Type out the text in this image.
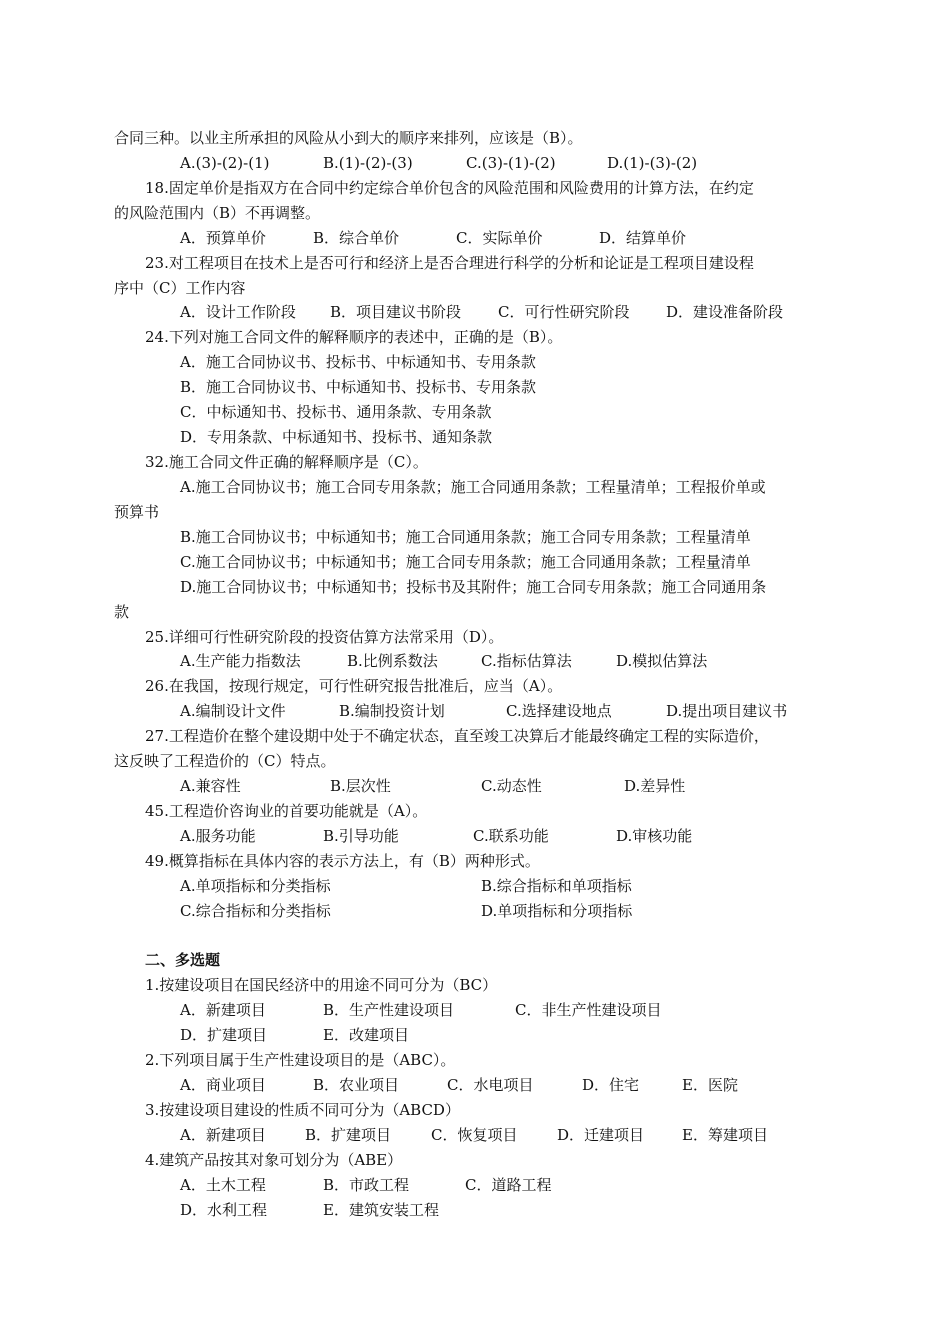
合同三种。以业主所承担的风险从小到大的顺序来排列，应该是（B）。
A.(3)-(2)-(1)	B.(1)-(2)-(3)	C.(3)-(1)-(2)	D.(1)-(3)-(2)
18.固定单价是指双方在合同中约定综合单价包含的风险范围和风险费用的计算方法，在约定
的风险范围内（B）不再调整。
A．预算单价	B．综合单价	C．实际单价	D．结算单价
23.对工程项目在技术上是否可行和经济上是否合理进行科学的分析和论证是工程项目建设程
序中（C）工作内容
A．设计工作阶段 B．项目建议书阶段 C．可行性研究阶段 D．建设准备阶段
24.下列对施工合同文件的解释顺序的表述中，正确的是（B）。
A．施工合同协议书、投标书、中标通知书、专用条款
B．施工合同协议书、中标通知书、投标书、专用条款
C．中标通知书、投标书、通用条款、专用条款
D．专用条款、中标通知书、投标书、通知条款
32.施工合同文件正确的解释顺序是（C）。
A.施工合同协议书；施工合同专用条款；施工合同通用条款；工程量清单；工程报价单或
预算书
B.施工合同协议书；中标通知书；施工合同通用条款；施工合同专用条款；工程量清单
C.施工合同协议书；中标通知书；施工合同专用条款；施工合同通用条款；工程量清单
D.施工合同协议书；中标通知书；投标书及其附件；施工合同专用条款；施工合同通用条
款
25.详细可行性研究阶段的投资估算方法常采用（D）。
A.生产能力指数法	B.比例系数法	C.指标估算法	D.模拟估算法
26.在我国，按现行规定，可行性研究报告批准后，应当（A）。
A.编制设计文件	B.编制投资计划	C.选择建设地点	D.提出项目建议书
27.工程造价在整个建设期中处于不确定状态，直至竣工决算后才能最终确定工程的实际造价，
这反映了工程造价的（C）特点。
A.兼容性	B.层次性	C.动态性	D.差异性
45.工程造价咨询业的首要功能就是（A）。
A.服务功能	B.引导功能	C.联系功能	D.审核功能
49.概算指标在具体内容的表示方法上，有（B）两种形式。
A.单项指标和分类指标	B.综合指标和单项指标
C.综合指标和分类指标	D.单项指标和分项指标
二、多选题
1.按建设项目在国民经济中的用途不同可分为（BC）
A．新建项目	B．生产性建设项目	C．非生产性建设项目
D．扩建项目	E．改建项目
2.下列项目属于生产性建设项目的是（ABC）。
A．商业项目	B．农业项目	C．水电项目	D．住宅	E．医院
3.按建设项目建设的性质不同可分为（ABCD）
A．新建项目	B．扩建项目	C．恢复项目	D．迁建项目	E．筹建项目
4.建筑产品按其对象可划分为（ABE）
A．土木工程	B．市政工程	C．道路工程
D．水利工程	E．建筑安装工程
